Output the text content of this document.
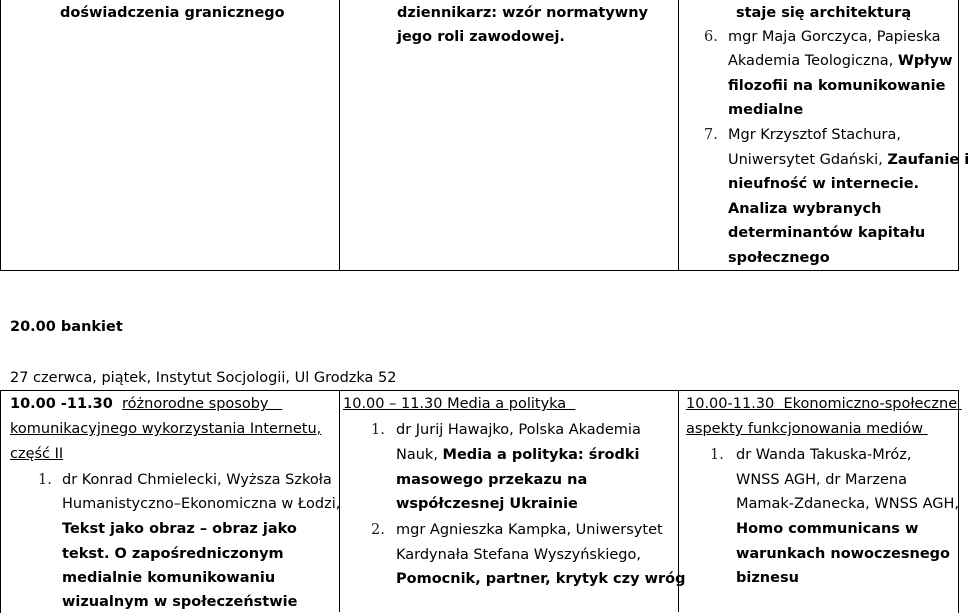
doświadczenia granicznego	dziennikarz: wzór normatywny
jego roli zawodowej.
staje się architekturą
6. mgr Maja Gorczyca, Papieska
Akademia Teologiczna, Wpływ
filozofii na komunikowanie
medialne
7. Mgr Krzysztof Stachura,
Uniwersytet Gdański, Zaufanie i
nieufność w internecie.
Analiza wybranych
determinantów kapitału
społecznego
20.00 bankiet
27 czerwca, piątek, Instytut Socjologii, Ul Grodzka 52
10.00 -11.30 różnorodne sposoby
komunikacyjnego wykorzystania Internetu,
część II
1. dr Konrad Chmielecki, Wyższa Szkoła
Humanistyczno–Ekonomiczna w Łodzi,
Tekst jako obraz – obraz jako
tekst. O zapośredniczonym
medialnie komunikowaniu
wizualnym w społeczeństwie
10.00 – 11.30 Media a polityka
1. dr Jurij Hawajko, Polska Akademia
Nauk, Media a polityka: środki
masowego przekazu na
współczesnej Ukrainie
2. mgr Agnieszka Kampka, Uniwersytet
Kardynała Stefana Wyszyńskiego,
Pomocnik, partner, krytyk czy wróg
10.00-11.30 Ekonomiczno-społeczne
aspekty funkcjonowania mediów
1. dr Wanda Takuska-Mróz,
WNSS AGH, dr Marzena
Mamak-Zdanecka, WNSS AGH,
Homo communicans w
warunkach nowoczesnego
biznesu
